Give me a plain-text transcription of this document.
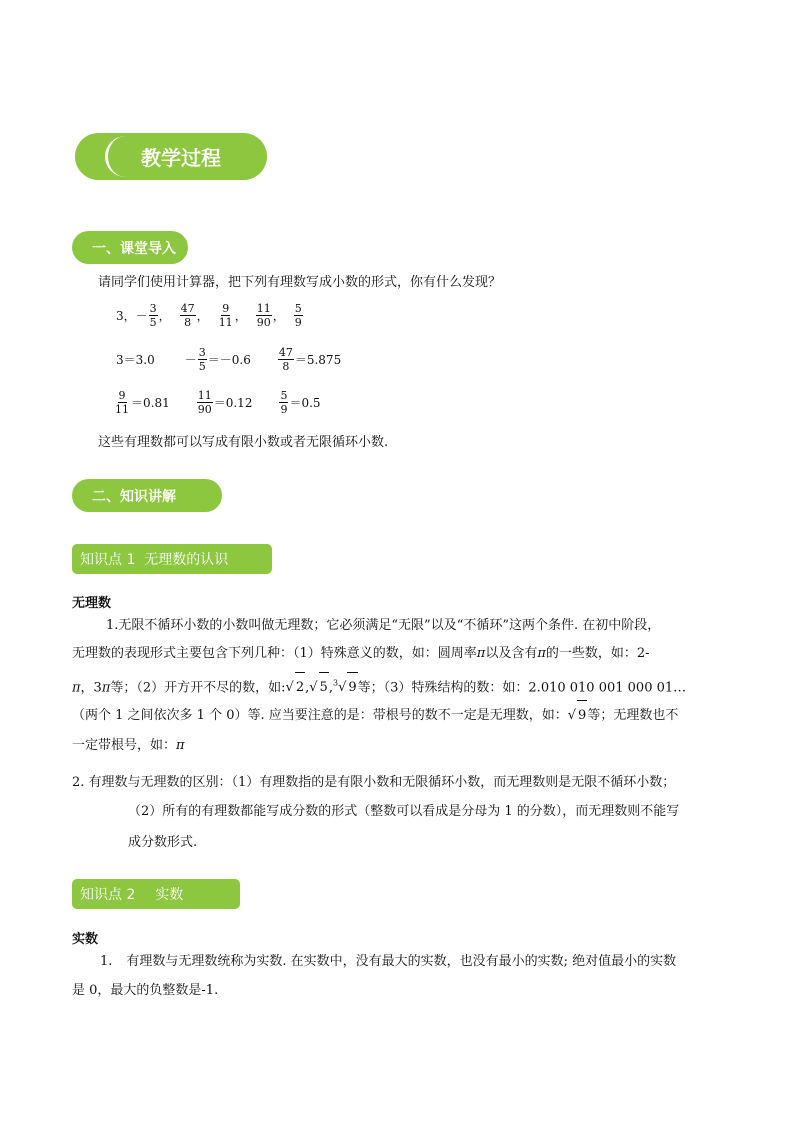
教学过程
一、课堂导入
请同学们使用计算器，把下列有理数写成小数的形式，你有什么发现？
3， － $\frac{3}{5}$ ， $\frac{47}{8}$ ， $\frac{9}{11}$ ， $\frac{11}{90}$ ， $\frac{5}{9}$
3＝3.0	－ $\frac{3}{5} =-0.6 \frac{47}{8} =5.875$
$\frac{9}{11} =0.81 \frac{11}{90} =0.12 \frac{5}{9} =0.5$
这些有理数都可以写成有限小数或者无限循环小数.
二、知识讲解
知识点 1  无理数的认识
无理数
1.无限不循环小数的小数叫做无理数；它必须满足“无限”以及“不循环”这两个条件. 在初中阶段，
无理数的表现形式主要包含下列几种：（1）特殊意义的数，如：圆周率π以及含有π的一些数，如：2-
π，3π等；（2）开方开不尽的数，如:√ 2,√ 5,$^3$√ 9等；（3）特殊结构的数：如：2.010 010 001 000 01…
（两个 1 之间依次多 1 个 0）等. 应当要注意的是：带根号的数不一定是无理数，如：√ 9等；无理数也不
一定带根号，如：π
2. 有理数与无理数的区别：（1）有理数指的是有限小数和无限循环小数，而无理数则是无限不循环小数；
（2）所有的有理数都能写成分数的形式（整数可以看成是分母为 1 的分数），而无理数则不能写
成分数形式.
知识点 2 实数
实数
1. 有理数与无理数统称为实数. 在实数中，没有最大的实数，也没有最小的实数; 绝对值最小的实数
是 0，最大的负整数是-1.
